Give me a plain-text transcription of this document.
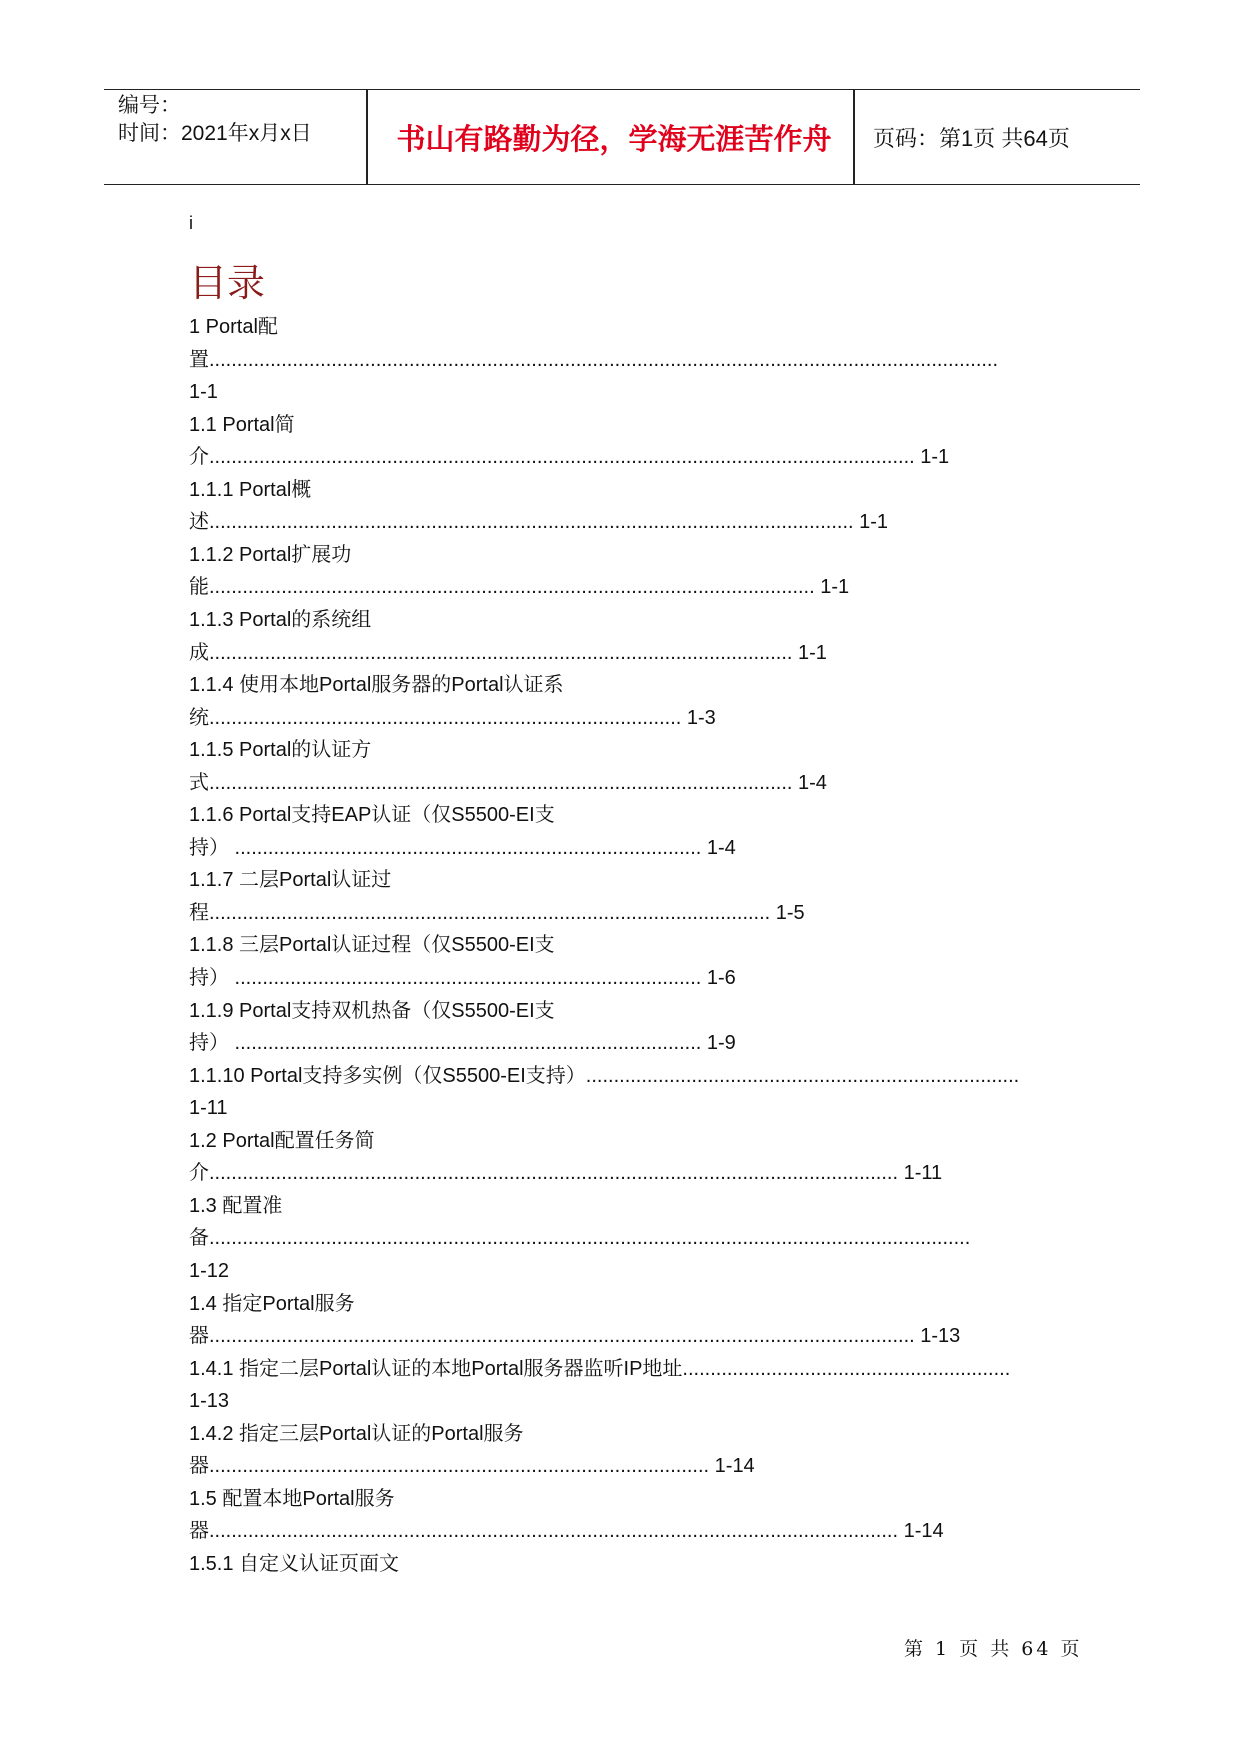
编号：
时间：2021年x月x日	书山有路勤为径，学海无涯苦作舟	页码：第1页 共64页
i
目录
1 Portal配
置..............................................................................................................................................
1-1
1.1 Portal简
介............................................................................................................................... 1-1
1.1.1 Portal概
述.................................................................................................................... 1-1
1.1.2 Portal扩展功
能............................................................................................................. 1-1
1.1.3 Portal的系统组
成......................................................................................................... 1-1
1.1.4 使用本地Portal服务器的Portal认证系
统..................................................................................... 1-3
1.1.5 Portal的认证方
式......................................................................................................... 1-4
1.1.6 Portal支持EAP认证（仅S5500-EI支
持） .................................................................................... 1-4
1.1.7 二层Portal认证过
程..................................................................................................... 1-5
1.1.8 三层Portal认证过程（仅S5500-EI支
持） .................................................................................... 1-6
1.1.9 Portal支持双机热备（仅S5500-EI支
持） .................................................................................... 1-9
1.1.10 Portal支持多实例（仅S5500-EI支持）..............................................................................
1-11
1.2 Portal配置任务简
介............................................................................................................................ 1-11
1.3 配置准
备.........................................................................................................................................
1-12
1.4 指定Portal服务
器............................................................................................................................... 1-13
1.4.1 指定二层Portal认证的本地Portal服务器监听IP地址...........................................................
1-13
1.4.2 指定三层Portal认证的Portal服务
器.......................................................................................... 1-14
1.5 配置本地Portal服务
器............................................................................................................................ 1-14
1.5.1 自定义认证页面文
第 1 页 共 64 页
